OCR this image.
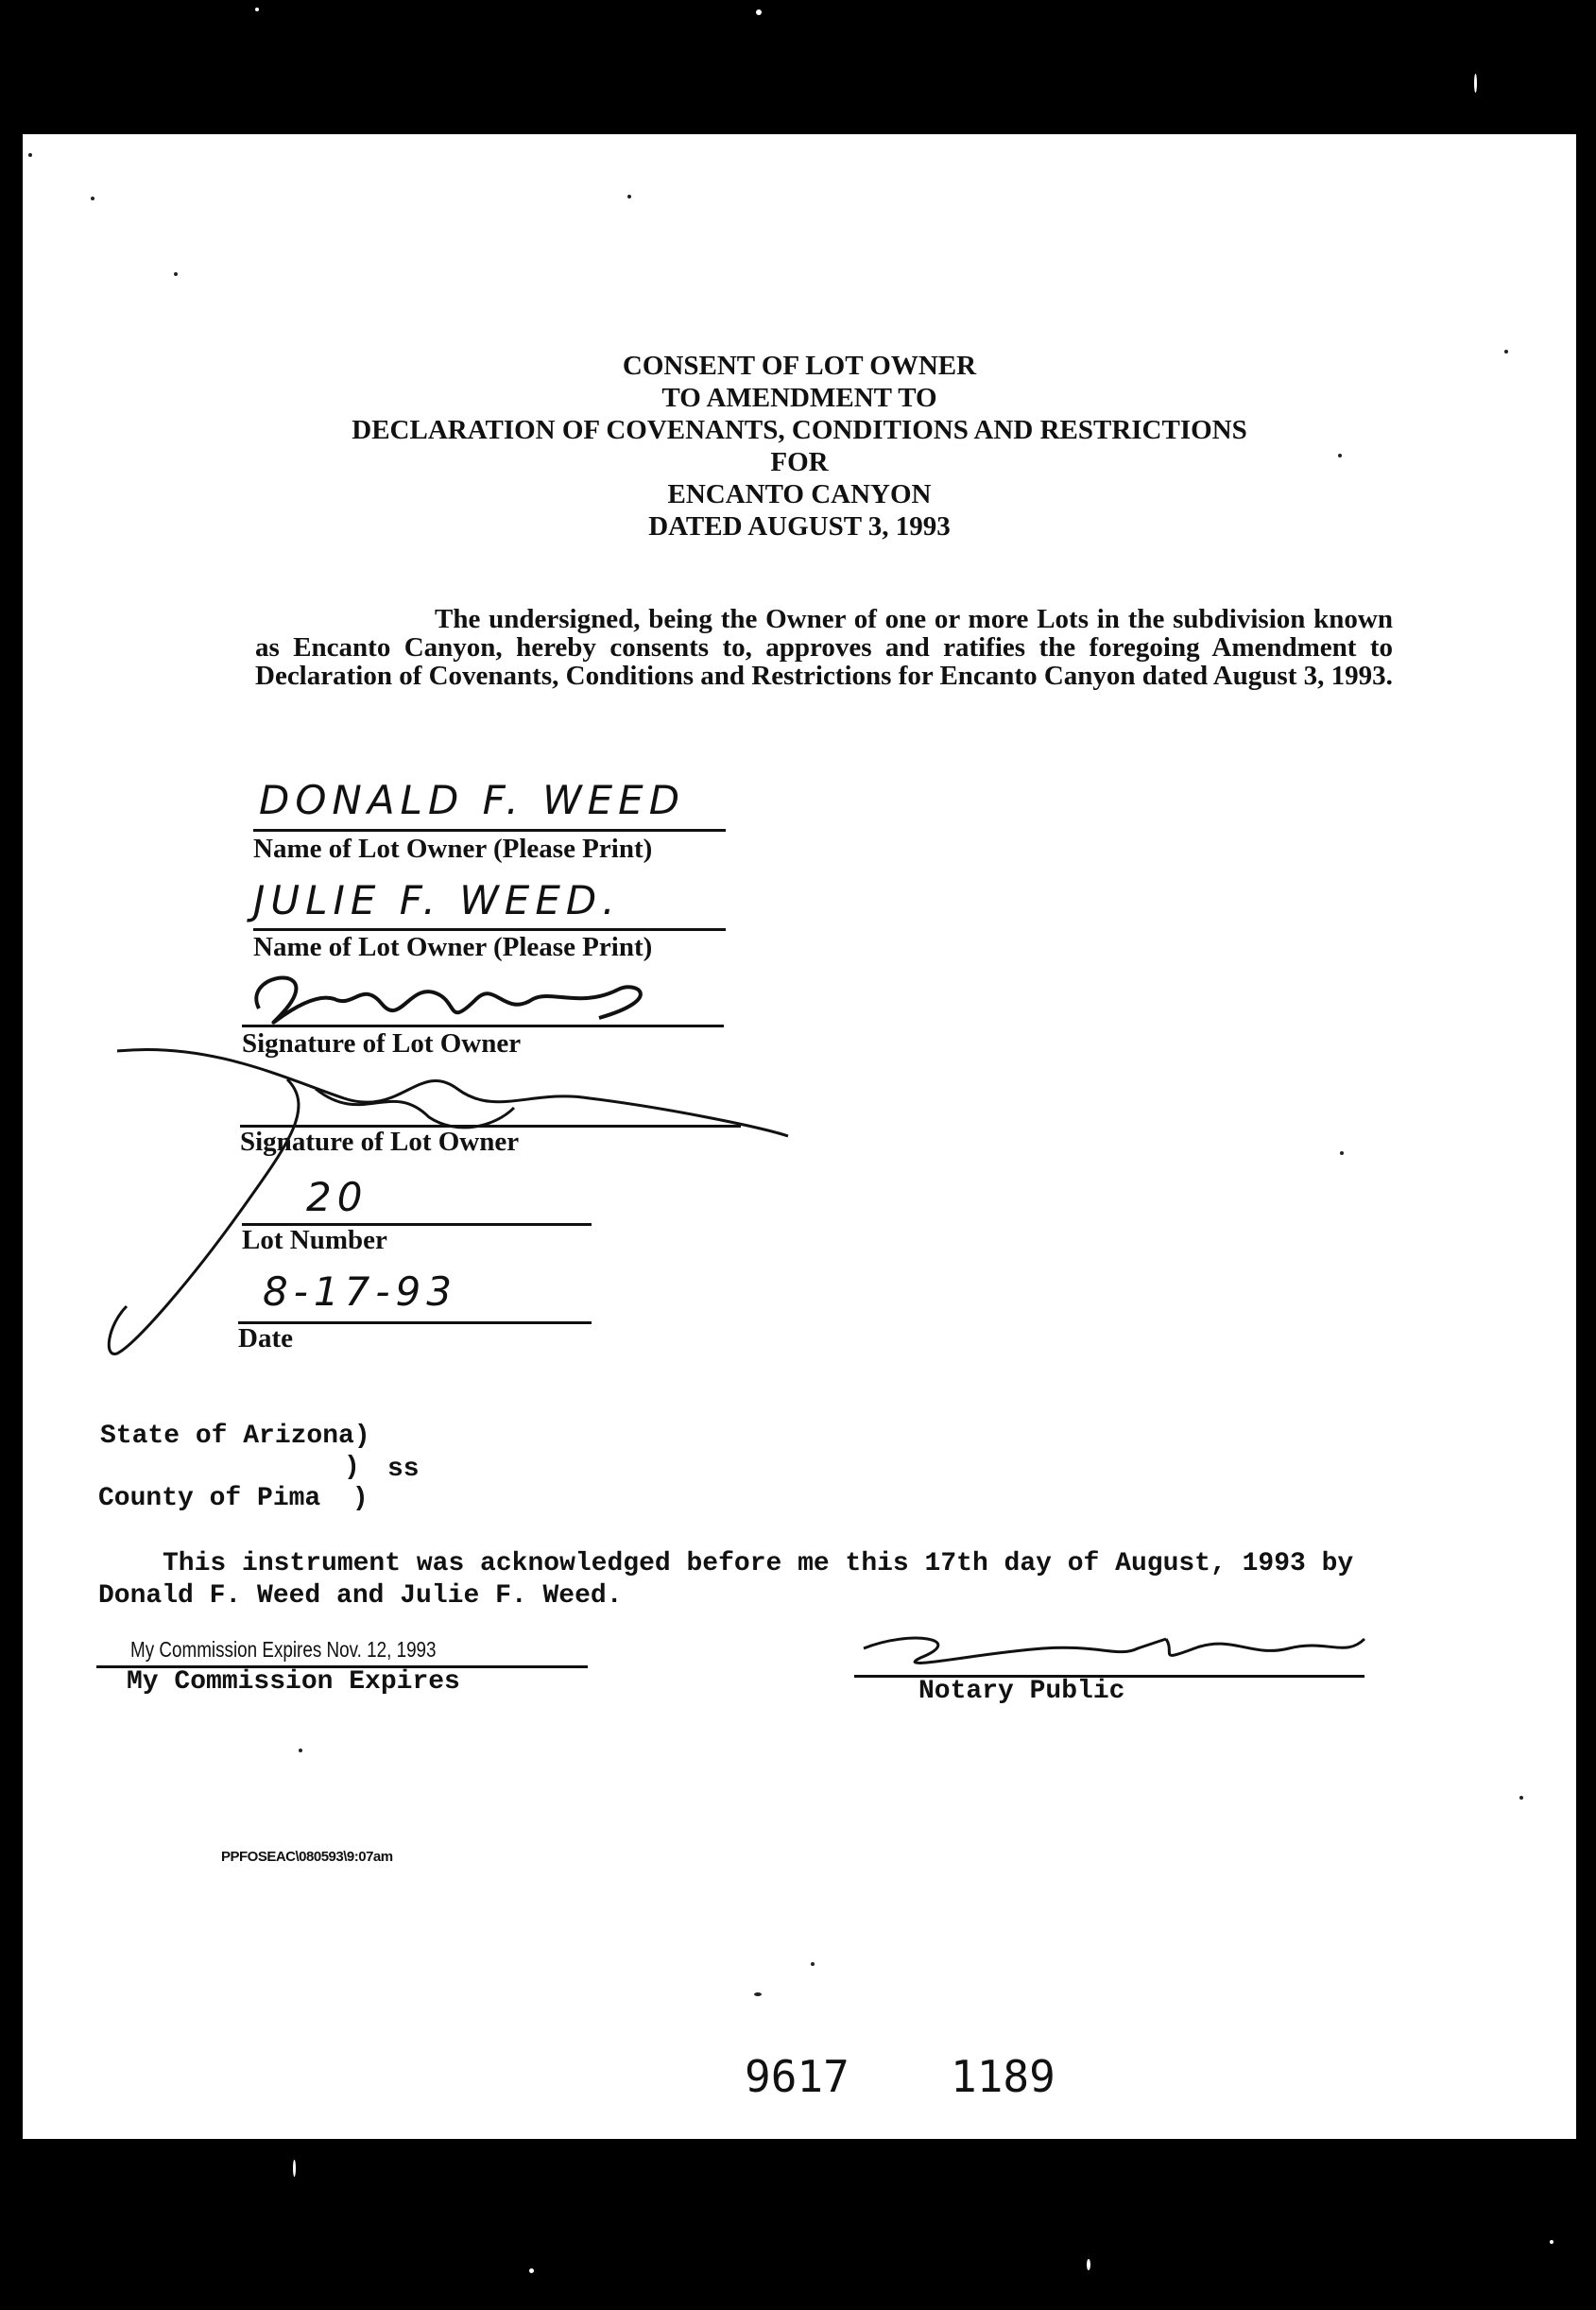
CONSENT OF LOT OWNER
TO AMENDMENT TO
DECLARATION OF COVENANTS, CONDITIONS AND RESTRICTIONS
FOR
ENCANTO CANYON
DATED AUGUST 3, 1993
The undersigned, being the Owner of one or more Lots in the subdivision known as Encanto Canyon, hereby consents to, approves and ratifies the foregoing Amendment to Declaration of Covenants, Conditions and Restrictions for Encanto Canyon dated August 3, 1993.
DONALD F. WEED
Name of Lot Owner (Please Print)
JULIE F. WEED.
Name of Lot Owner (Please Print)
Signature of Lot Owner
Signature of Lot Owner
20
Lot Number
8-17-93
Date
State of Arizona)
) ss
County of Pima  )
This instrument was acknowledged before me this 17th day of August, 1993 by Donald F. Weed and Julie F. Weed.
My Commission Expires Nov. 12, 1993
My Commission Expires	Notary Public
PPFOSEAC\080593\9:07am
9617 1189
